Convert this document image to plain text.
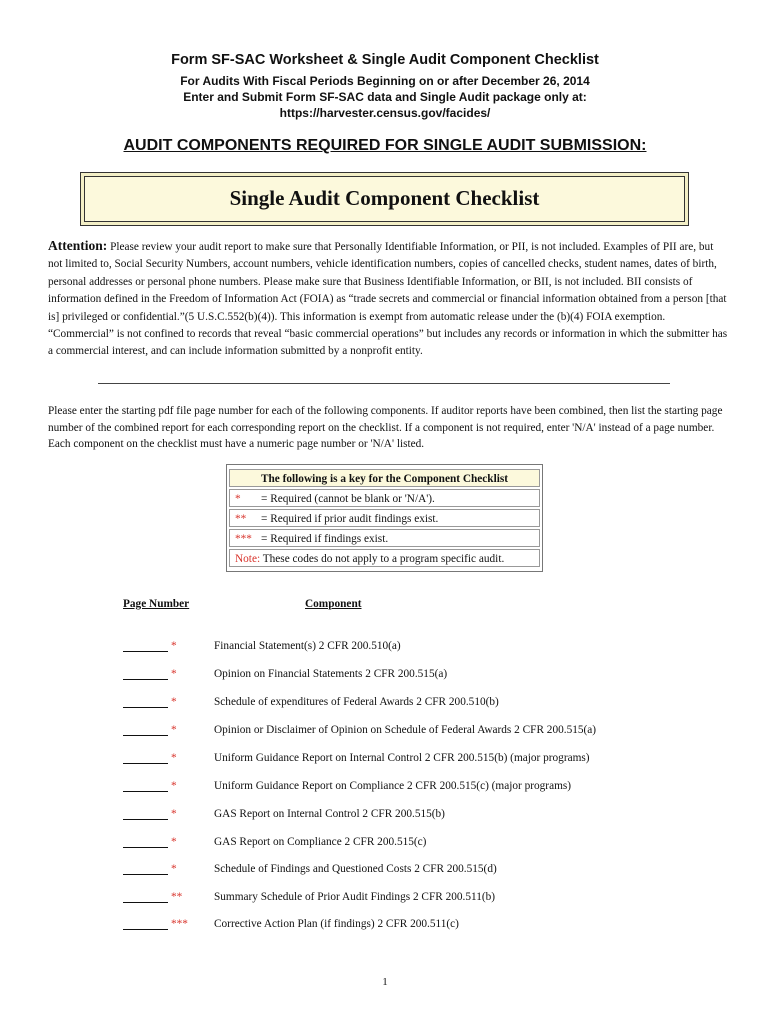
Form SF-SAC Worksheet & Single Audit Component Checklist
For Audits With Fiscal Periods Beginning on or after December 26, 2014
Enter and Submit Form SF-SAC data and Single Audit package only at:
https://harvester.census.gov/facides/
AUDIT COMPONENTS REQUIRED FOR SINGLE AUDIT SUBMISSION:
Single Audit Component Checklist
Attention: Please review your audit report to make sure that Personally Identifiable Information, or PII, is not included. Examples of PII are, but not limited to, Social Security Numbers, account numbers, vehicle identification numbers, copies of cancelled checks, student names, dates of birth, personal addresses or personal phone numbers. Please make sure that Business Identifiable Information, or BII, is not included. BII consists of information defined in the Freedom of Information Act (FOIA) as “trade secrets and commercial or financial information obtained from a person [that is] privileged or confidential.”(5 U.S.C.552(b)(4)). This information is exempt from automatic release under the (b)(4) FOIA exemption. “Commercial” is not confined to records that reveal “basic commercial operations” but includes any records or information in which the submitter has a commercial interest, and can include information submitted by a nonprofit entity.
Please enter the starting pdf file page number for each of the following components. If auditor reports have been combined, then list the starting page number of the combined report for each corresponding report on the checklist. If a component is not required, enter 'N/A' instead of a page number. Each component on the checklist must have a numeric page number or 'N/A' listed.
The following is a key for the Component Checklist
* = Required (cannot be blank or 'N/A').
** = Required if prior audit findings exist.
*** = Required if findings exist.
Note: These codes do not apply to a program specific audit.
Page Number	Component
*	Financial Statement(s) 2 CFR 200.510(a)
*	Opinion on Financial Statements 2 CFR 200.515(a)
*	Schedule of expenditures of Federal Awards 2 CFR 200.510(b)
*	Opinion or Disclaimer of Opinion on Schedule of Federal Awards 2 CFR 200.515(a)
*	Uniform Guidance Report on Internal Control 2 CFR 200.515(b) (major programs)
*	Uniform Guidance Report on Compliance 2 CFR 200.515(c) (major programs)
*	GAS Report on Internal Control 2 CFR 200.515(b)
*	GAS Report on Compliance 2 CFR 200.515(c)
*	Schedule of Findings and Questioned Costs 2 CFR 200.515(d)
**	Summary Schedule of Prior Audit Findings 2 CFR 200.511(b)
*** Corrective Action Plan (if findings) 2 CFR 200.511(c)
1
